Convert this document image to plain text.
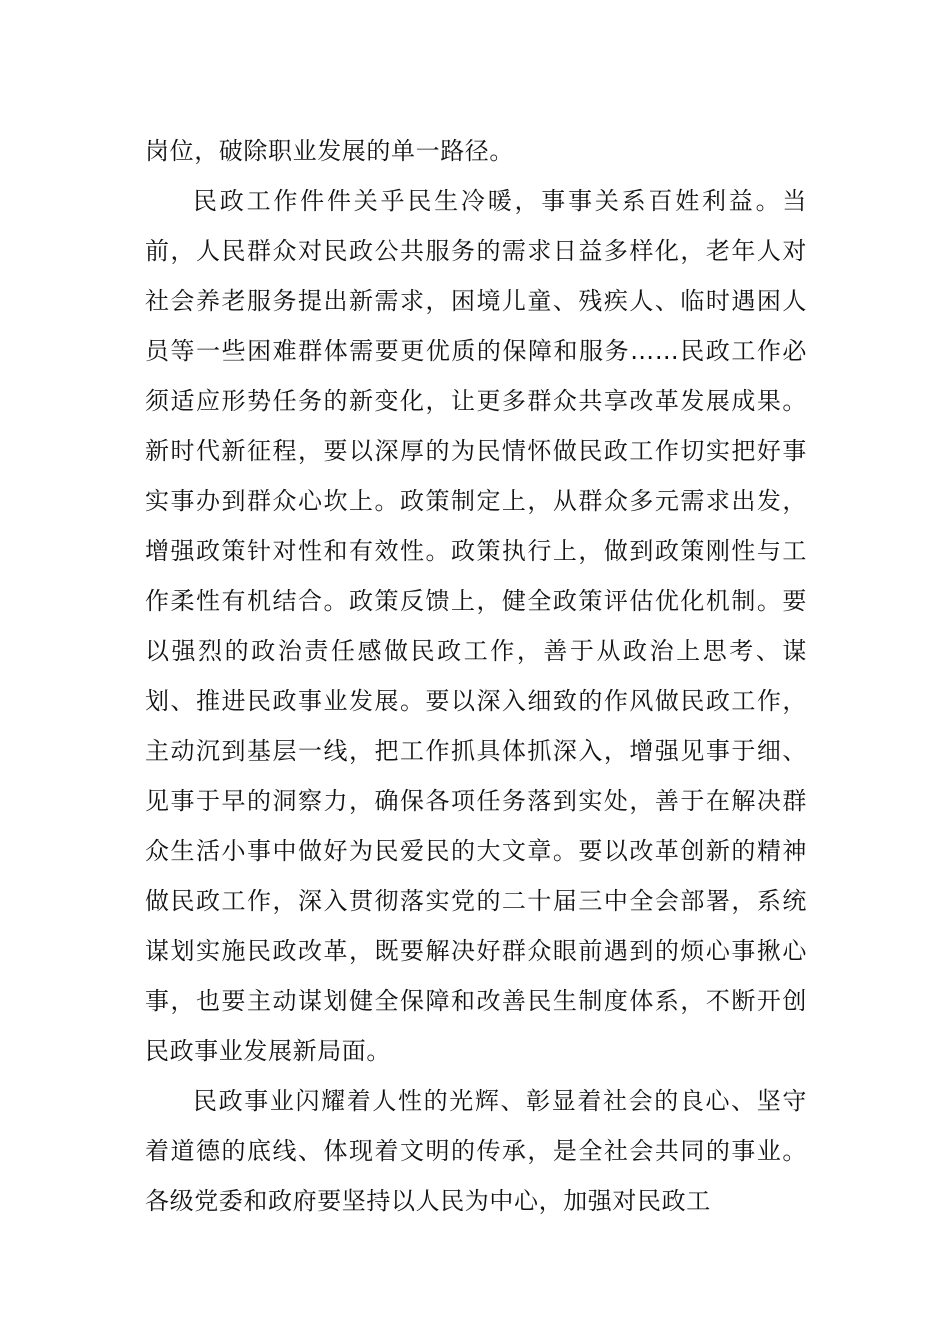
岗位，破除职业发展的单一路径。

民政工作件件关乎民生冷暖，事事关系百姓利益。当前，人民群众对民政公共服务的需求日益多样化，老年人对社会养老服务提出新需求，困境儿童、残疾人、临时遇困人员等一些困难群体需要更优质的保障和服务……民政工作必须适应形势任务的新变化，让更多群众共享改革发展成果。新时代新征程，要以深厚的为民情怀做民政工作切实把好事实事办到群众心坎上。政策制定上，从群众多元需求出发，增强政策针对性和有效性。政策执行上，做到政策刚性与工作柔性有机结合。政策反馈上，健全政策评估优化机制。要以强烈的政治责任感做民政工作，善于从政治上思考、谋划、推进民政事业发展。要以深入细致的作风做民政工作，主动沉到基层一线，把工作抓具体抓深入，增强见事于细、见事于早的洞察力，确保各项任务落到实处，善于在解决群众生活小事中做好为民爱民的大文章。要以改革创新的精神做民政工作，深入贯彻落实党的二十届三中全会部署，系统谋划实施民政改革，既要解决好群众眼前遇到的烦心事揪心事，也要主动谋划健全保障和改善民生制度体系，不断开创民政事业发展新局面。

民政事业闪耀着人性的光辉、彰显着社会的良心、坚守着道德的底线、体现着文明的传承，是全社会共同的事业。各级党委和政府要坚持以人民为中心，加强对民政工
